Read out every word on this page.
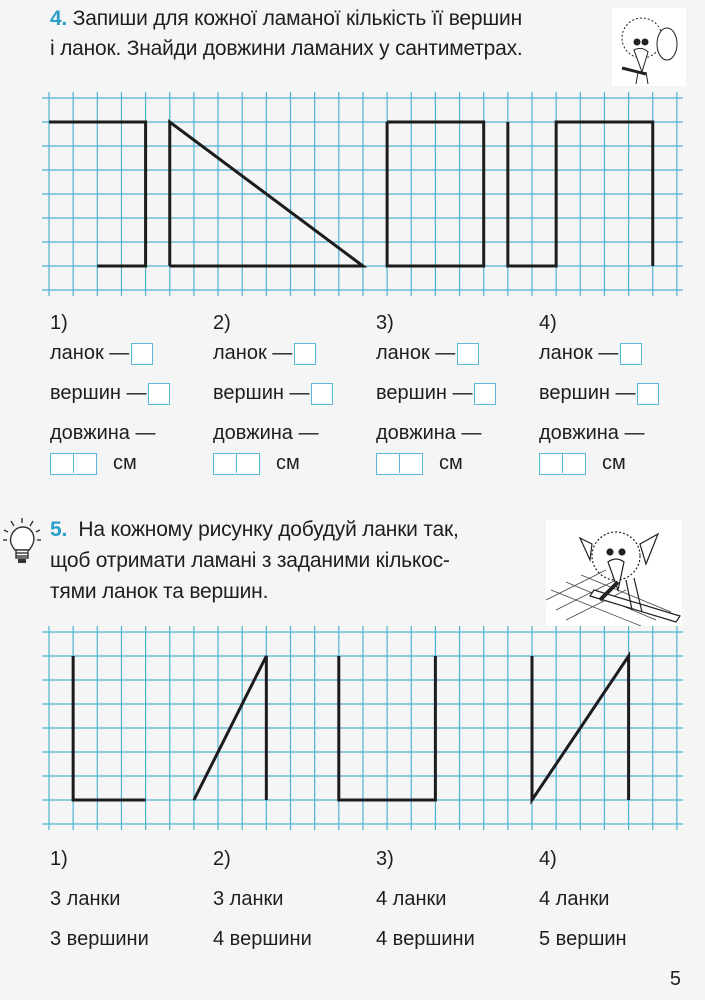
4. Запиши для кожної ламаної кількість її вершин
і ланок. Знайди довжини ламаних у сантиметрах.
1)
ланок —
вершин —
довжина —
см
2)
ланок —
вершин —
довжина —
см
3)
ланок —
вершин —
довжина —
см
4)
ланок —
вершин —
довжина —
см
5. На кожному рисунку добудуй ланки так,
щоб отримати ламані з заданими кількос-
тями ланок та вершин.
1)
3 ланки
3 вершини
2)
3 ланки
4 вершини
3)
4 ланки
4 вершини
4)
4 ланки
5 вершин
5
